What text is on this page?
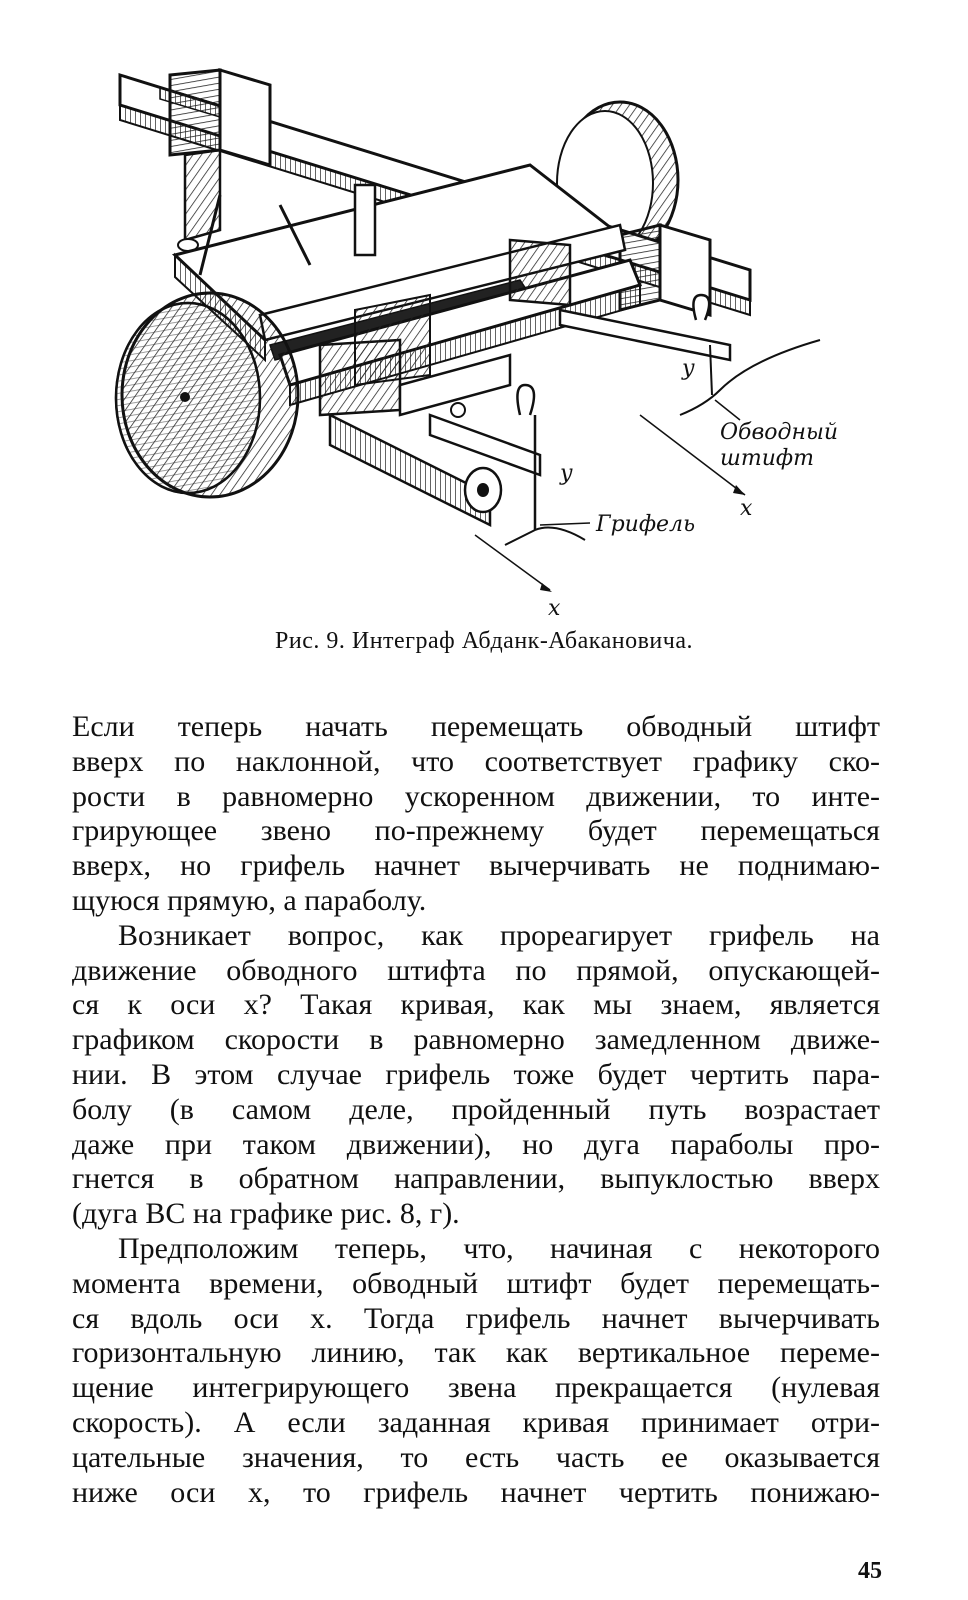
y
x
Обводный
штифт
y
x
Грифель
Рис. 9. Интеграф Абданк-Абакановича.
Если теперь начать перемещать обводный штифт
вверх по наклонной, что соответствует графику ско-
рости в равномерно ускоренном движении, то инте-
грирующее звено по-прежнему будет перемещаться
вверх, но грифель начнет вычерчивать не поднимаю-
щуюся прямую, а параболу.
Возникает вопрос, как прореагирует грифель на
движение обводного штифта по прямой, опускающей-
ся к оси x? Такая кривая, как мы знаем, является
графиком скорости в равномерно замедленном движе-
нии. В этом случае грифель тоже будет чертить пара-
болу (в самом деле, пройденный путь возрастает
даже при таком движении), но дуга параболы про-
гнется в обратном направлении, выпуклостью вверх
(дуга ВС на графике рис. 8, г).
Предположим теперь, что, начиная с некоторого
момента времени, обводный штифт будет перемещать-
ся вдоль оси x. Тогда грифель начнет вычерчивать
горизонтальную линию, так как вертикальное переме-
щение интегрирующего звена прекращается (нулевая
скорость). А если заданная кривая принимает отри-
цательные значения, то есть часть ее оказывается
ниже оси x, то грифель начнет чертить понижаю-
45
